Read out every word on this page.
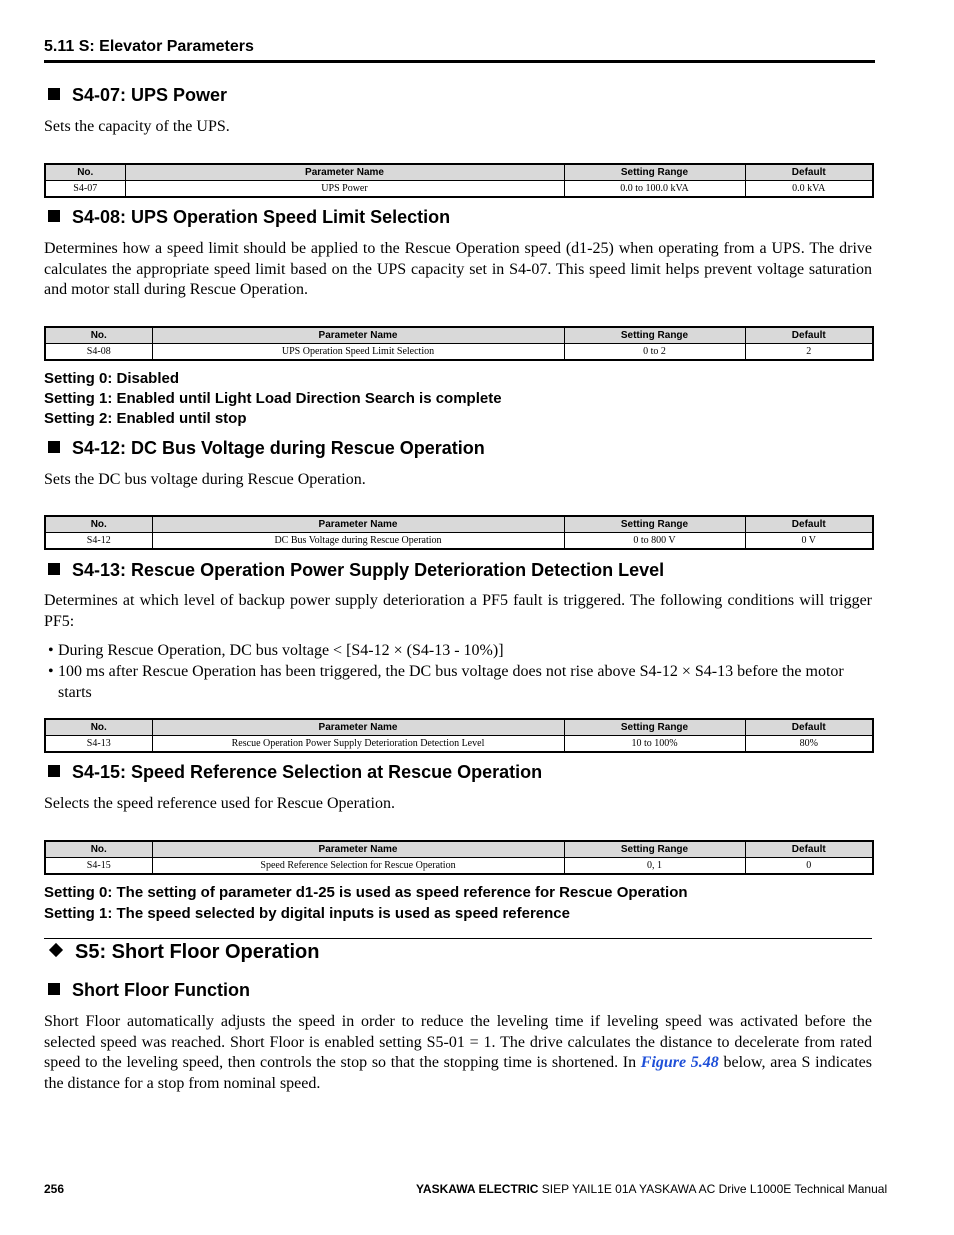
5.11 S: Elevator Parameters
S4-07: UPS Power
Sets the capacity of the UPS.
No.	Parameter Name	Setting Range	Default
S4-07	UPS Power	0.0 to 100.0 kVA	0.0 kVA
S4-08: UPS Operation Speed Limit Selection
Determines how a speed limit should be applied to the Rescue Operation speed (d1-25) when operating from a UPS. The drive calculates the appropriate speed limit based on the UPS capacity set in S4-07. This speed limit helps prevent voltage saturation and motor stall during Rescue Operation.
No.	Parameter Name	Setting Range	Default
S4-08	UPS Operation Speed Limit Selection	0 to 2	2
Setting 0: Disabled
Setting 1: Enabled until Light Load Direction Search is complete
Setting 2: Enabled until stop
S4-12: DC Bus Voltage during Rescue Operation
Sets the DC bus voltage during Rescue Operation.
No.	Parameter Name	Setting Range	Default
S4-12	DC Bus Voltage during Rescue Operation	0 to 800 V	0 V
S4-13: Rescue Operation Power Supply Deterioration Detection Level
Determines at which level of backup power supply deterioration a PF5 fault is triggered. The following conditions will trigger PF5:
• During Rescue Operation, DC bus voltage < [S4-12 × (S4-13 - 10%)]
• 100 ms after Rescue Operation has been triggered, the DC bus voltage does not rise above S4-12 × S4-13 before the motor starts
No.	Parameter Name	Setting Range	Default
S4-13	Rescue Operation Power Supply Deterioration Detection Level	10 to 100%	80%
S4-15: Speed Reference Selection at Rescue Operation
Selects the speed reference used for Rescue Operation.
No.	Parameter Name	Setting Range	Default
S4-15	Speed Reference Selection for Rescue Operation	0, 1	0
Setting 0: The setting of parameter d1-25 is used as speed reference for Rescue Operation
Setting 1: The speed selected by digital inputs is used as speed reference
S5: Short Floor Operation
Short Floor Function
Short Floor automatically adjusts the speed in order to reduce the leveling time if leveling speed was activated before the selected speed was reached. Short Floor is enabled setting S5-01 = 1. The drive calculates the distance to decelerate from rated speed to the leveling speed, then controls the stop so that the stopping time is shortened. In Figure 5.48 below, area S indicates the distance for a stop from nominal speed.
256	YASKAWA ELECTRIC SIEP YAIL1E 01A YASKAWA AC Drive L1000E Technical Manual
